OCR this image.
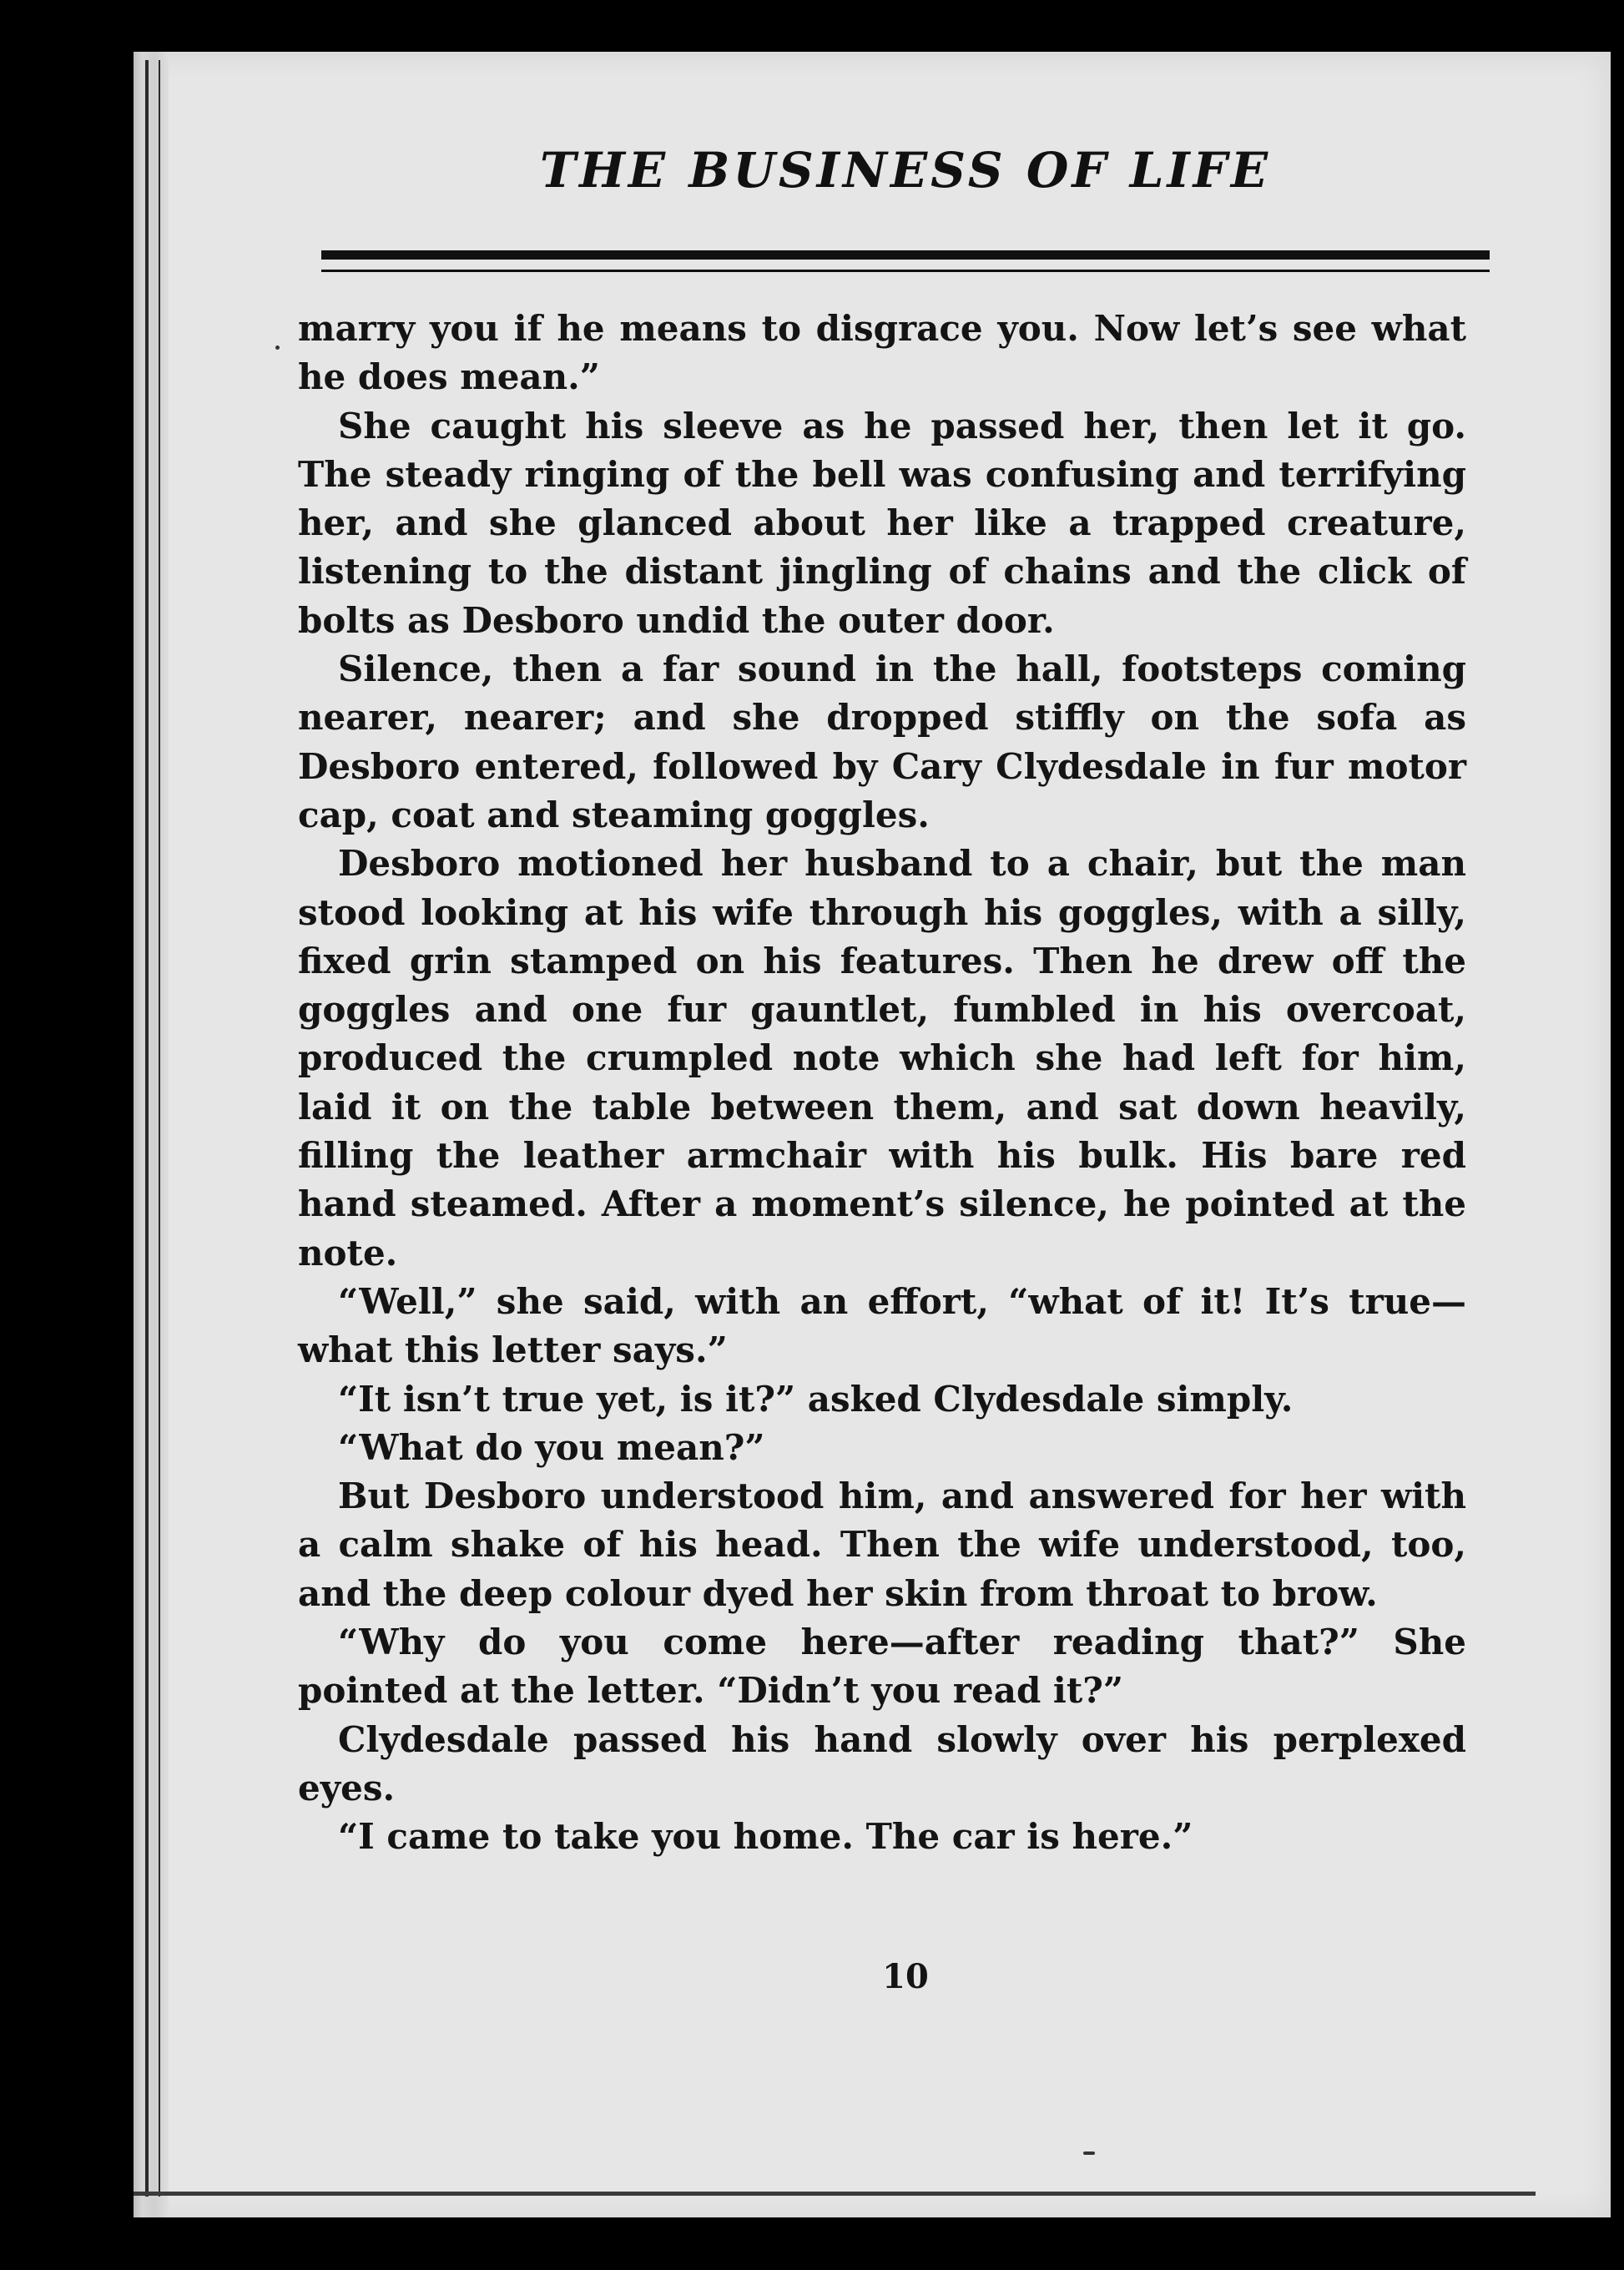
THE BUSINESS OF LIFE

marry you if he means to disgrace you. Now let’s see what he does mean.”

She caught his sleeve as he passed her, then let it go. The steady ringing of the bell was confusing and terrifying her, and she glanced about her like a trapped creature, listening to the distant jingling of chains and the click of bolts as Desboro undid the outer door.

Silence, then a far sound in the hall, footsteps coming nearer, nearer; and she dropped stiffly on the sofa as Desboro entered, followed by Cary Clydesdale in fur motor cap, coat and steaming goggles.

Desboro motioned her husband to a chair, but the man stood looking at his wife through his goggles, with a silly, fixed grin stamped on his features. Then he drew off the goggles and one fur gauntlet, fumbled in his overcoat, produced the crumpled note which she had left for him, laid it on the table between them, and sat down heavily, filling the leather armchair with his bulk. His bare red hand steamed. After a moment’s silence, he pointed at the note.

“Well,” she said, with an effort, “what of it! It’s true—what this letter says.”

“It isn’t true yet, is it?” asked Clydesdale simply.

“What do you mean?”

But Desboro understood him, and answered for her with a calm shake of his head. Then the wife understood, too, and the deep colour dyed her skin from throat to brow.

“Why do you come here—after reading that?” She pointed at the letter. “Didn’t you read it?”

Clydesdale passed his hand slowly over his perplexed eyes.

“I came to take you home. The car is here.”

10
